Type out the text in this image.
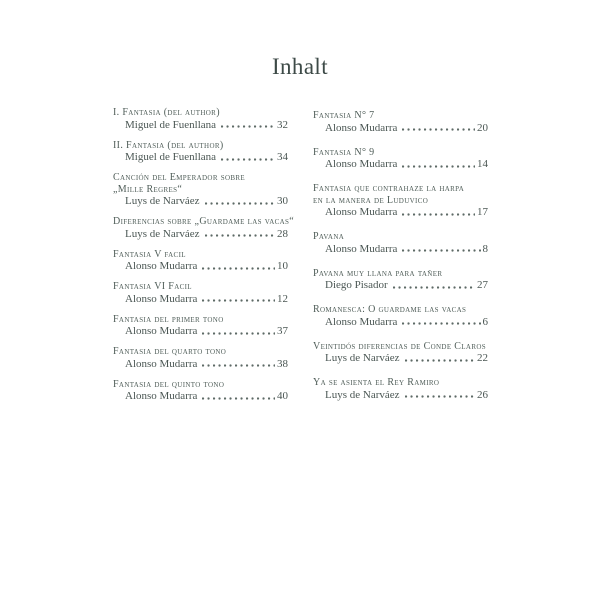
Inhalt
I. Fantasia (del author)
Miguel de Fuenllana	32
II. Fantasia (del author)
Miguel de Fuenllana	34
Canción del Emperador sobre
„Mille Regres“
Luys de Narváez	30
Diferencias sobre „Guardame las vacas“
Luys de Narváez	28
Fantasia V facil
Alonso Mudarra	10
Fantasia VI Facil
Alonso Mudarra	12
Fantasia del primer tono
Alonso Mudarra	37
Fantasia del quarto tono
Alonso Mudarra	38
Fantasia del quinto tono
Alonso Mudarra	40
Fantasia N° 7
Alonso Mudarra	20
Fantasia N° 9
Alonso Mudarra	14
Fantasia que contrahaze la harpa
en la manera de Luduvico
Alonso Mudarra	17
Pavana
Alonso Mudarra	8
Pavana muy llana para tañer
Diego Pisador	27
Romanesca: O guardame las vacas
Alonso Mudarra	6
Veintidós diferencias de Conde Claros
Luys de Narváez	22
Ya se asienta el Rey Ramiro
Luys de Narváez	26
